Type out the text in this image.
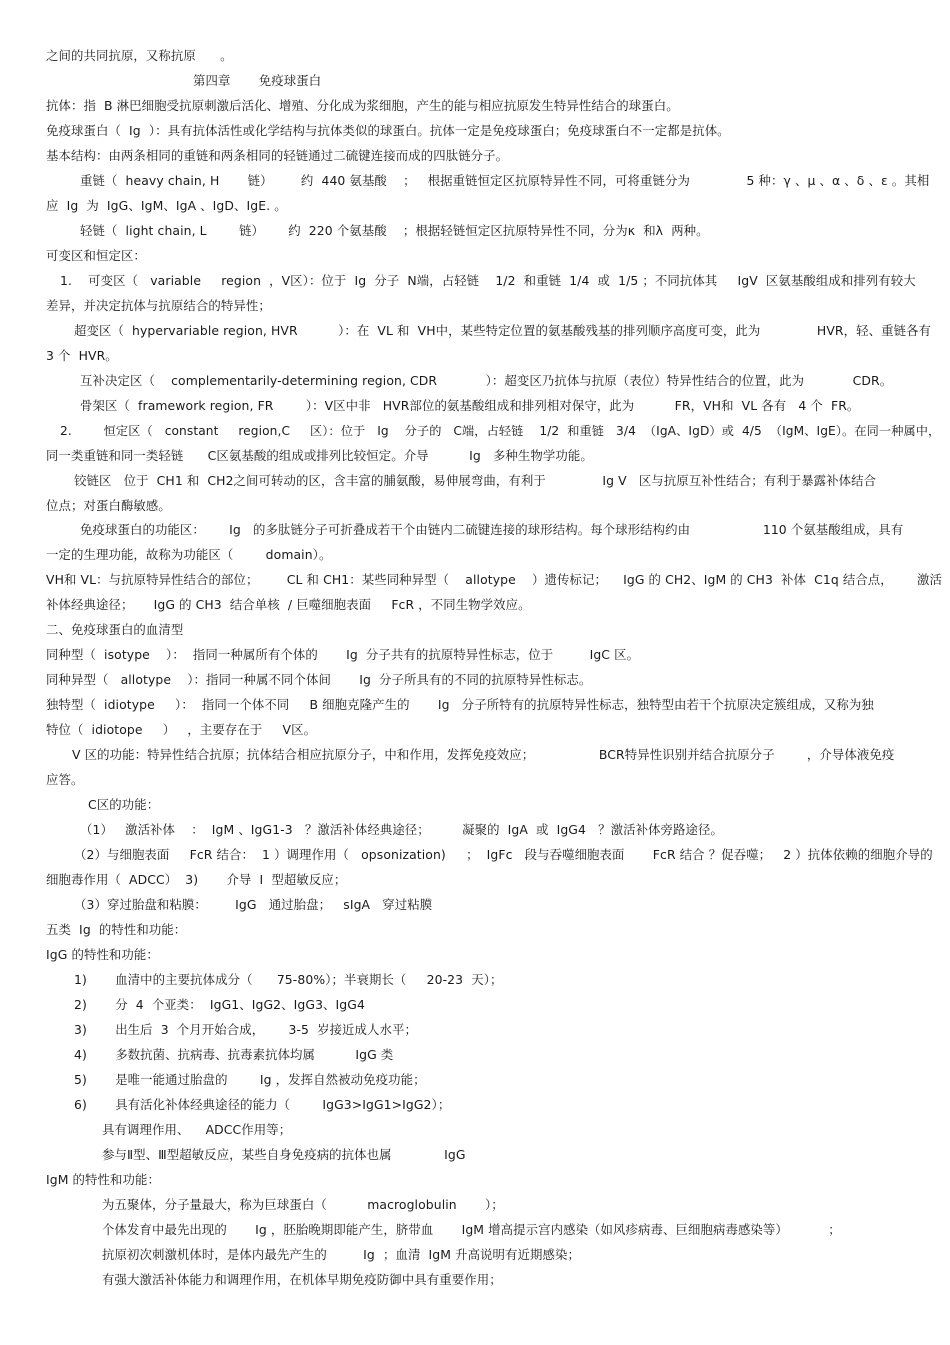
之间的共同抗原，又称抗原      。
第四章       免疫球蛋白
抗体：指  B 淋巴细胞受抗原刺激后活化、增殖、分化成为浆细胞，产生的能与相应抗原发生特异性结合的球蛋白。
免疫球蛋白（  Ig  ）：具有抗体活性或化学结构与抗体类似的球蛋白。抗体一定是免疫球蛋白；免疫球蛋白不一定都是抗体。
基本结构：由两条相同的重链和两条相同的轻链通过二硫键连接而成的四肽链分子。
重链（  heavy chain, H       链）       约  440 氨基酸    ；   根据重链恒定区抗原特异性不同，可将重链分为              5 种：γ 、μ 、α 、δ 、ε 。其相
应  Ig  为  IgG、IgM、IgA 、IgD、IgE. 。
轻链（  light chain, L        链）      约  220 个氨基酸    ；根据轻链恒定区抗原特异性不同，分为κ  和λ  两种。
可变区和恒定区：
1.    可变区（   variable     region  ，V区）：位于  Ig  分子  N端，占轻链    1/2  和重链  1/4  或  1/5 ；不同抗体其     IgV  区氨基酸组成和排列有较大
差异，并决定抗体与抗原结合的特异性；
超变区（  hypervariable region, HVR          ）：在  VL 和  VH中，某些特定位置的氨基酸残基的排列顺序高度可变，此为              HVR，轻、重链各有
3 个  HVR。
互补决定区（    complementarily-determining region, CDR            ）：超变区乃抗体与抗原（表位）特异性结合的位置，此为            CDR。
骨架区（  framework region, FR        ）：V区中非   HVR部位的氨基酸组成和排列相对保守，此为          FR，VH和  VL 各有   4 个  FR。
2.        恒定区（   constant     region,C     区）：位于   Ig    分子的   C端，占轻链    1/2  和重链   3/4  （IgA、IgD）或  4/5  （IgM、IgE）。在同一种属中，
同一类重链和同一类轻链      C区氨基酸的组成或排列比较恒定。介导          Ig   多种生物学功能。
铰链区   位于  CH1 和  CH2之间可转动的区，含丰富的脯氨酸，易伸展弯曲，有利于              Ig V   区与抗原互补性结合；有利于暴露补体结合
位点；对蛋白酶敏感。
免疫球蛋白的功能区：      Ig   的多肽链分子可折叠成若干个由链内二硫键连接的球形结构。每个球形结构约由                  110 个氨基酸组成，具有
一定的生理功能，故称为功能区（        domain）。
VH和 VL：与抗原特异性结合的部位；       CL 和 CH1：某些同种异型（    allotype    ）遗传标记；    IgG 的 CH2、IgM 的 CH3  补体  C1q 结合点，      激活
补体经典途径；     IgG 的 CH3  结合单核  / 巨噬细胞表面     FcR ，不同生物学效应。
二、免疫球蛋白的血清型
同种型（  isotype    ）：  指同一种属所有个体的       Ig  分子共有的抗原特异性标志，位于         IgC 区。
同种异型（   allotype    ）：指同一种属不同个体间       Ig  分子所具有的不同的抗原特异性标志。
独特型（  idiotype     ）：  指同一个体不同     B 细胞克隆产生的       Ig   分子所特有的抗原特异性标志，独特型由若干个抗原决定簇组成，又称为独
特位（  idiotope     ）   ，主要存在于     V区。
V 区的功能：特异性结合抗原；抗体结合相应抗原分子，中和作用，发挥免疫效应；                BCR特异性识别并结合抗原分子        ，介导体液免疫
应答。
C区的功能：
（1）   激活补体    ：  IgM 、IgG1-3   ？激活补体经典途径；        凝聚的  IgA  或  IgG4   ？激活补体旁路途径。
（2）与细胞表面     FcR 结合：  1 ）调理作用（   opsonization)     ；  IgFc   段与吞噬细胞表面       FcR 结合 ？促吞噬；   2 ）抗体依赖的细胞介导的
细胞毒作用（  ADCC）  3)       介导  I  型超敏反应；
（3）穿过胎盘和粘膜：       IgG   通过胎盘；   sIgA   穿过粘膜
五类  Ig  的特性和功能：
IgG 的特性和功能：
1)       血清中的主要抗体成分（      75-80%）；半衰期长（     20-23  天）；
2)       分  4  个亚类：  IgG1、IgG2、IgG3、IgG4
3)       出生后  3  个月开始合成，      3-5  岁接近成人水平；
4)       多数抗菌、抗病毒、抗毒素抗体均属          IgG 类
5)       是唯一能通过胎盘的        Ig ，发挥自然被动免疫功能；
6)       具有活化补体经典途径的能力（        IgG3>IgG1>IgG2）；
具有调理作用、    ADCC作用等；
参与Ⅱ型、Ⅲ型超敏反应，某些自身免疫病的抗体也属             IgG
IgM 的特性和功能：
为五聚体，分子量最大，称为巨球蛋白（          macroglobulin       ）；
个体发育中最先出现的       Ig ，胚胎晚期即能产生，脐带血       IgM 增高提示宫内感染（如风疹病毒、巨细胞病毒感染等）          ；
抗原初次刺激机体时，是体内最先产生的         Ig  ；血清  IgM 升高说明有近期感染；
有强大激活补体能力和调理作用，在机体早期免疫防御中具有重要作用；
